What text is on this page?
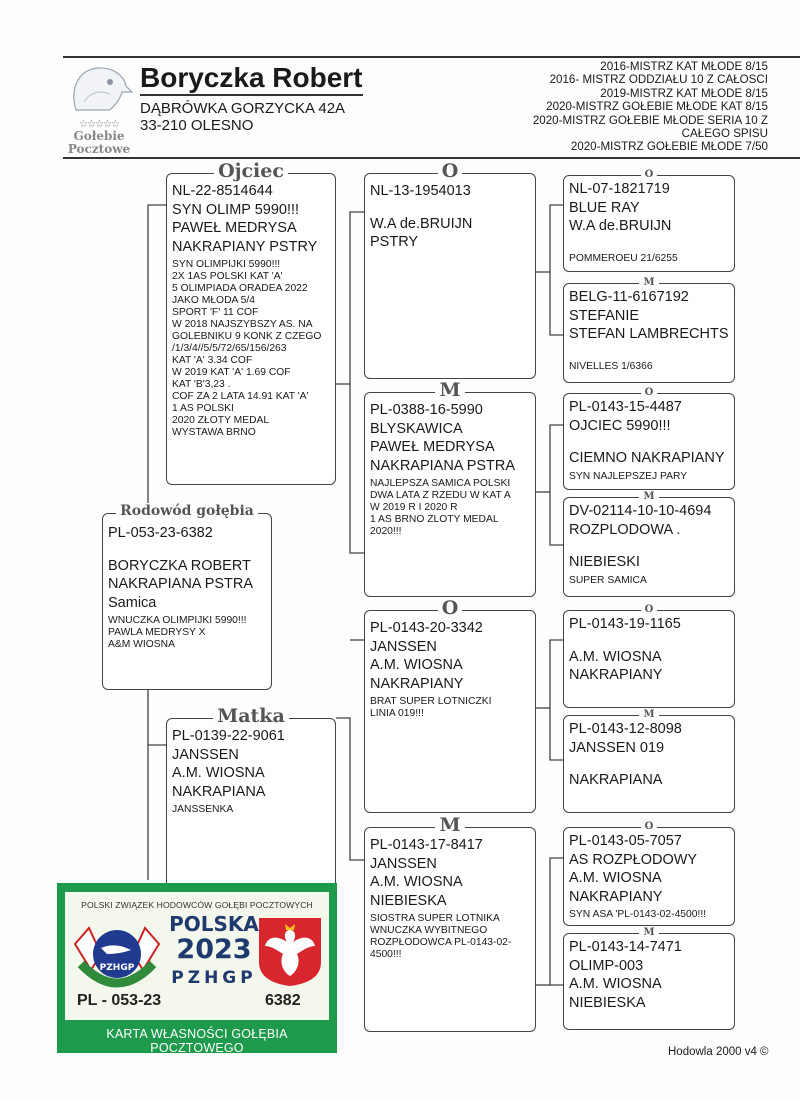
☆☆☆☆☆
Gołebie
Pocztowe
Boryczka Robert
DĄBRÓWKA GORZYCKA 42A
33-210 OLESNO
2016-MISTRZ KAT MŁODE 8/15
2016- MISTRZ ODDZIAŁU 10 Z CAŁOSCI
2019-MISTRZ KAT MŁODE 8/15
2020-MISTRZ GOŁEBIE MŁODE KAT 8/15
2020-MISTRZ GOŁEBIE MŁODE SERIA 10 Z
CAŁEGO SPISU
2020-MISTRZ GOŁEBIE MŁODE 7/50
Ojciec
NL-22-8514644
SYN OLIMP 5990!!!
PAWEŁ MEDRYSA
NAKRAPIANY PSTRY
SYN OLIMPIJKI 5990!!!
2X 1AS POLSKI KAT 'A'
5 OLIMPIADA ORADEA 2022
JAKO MŁODA 5/4
SPORT 'F' 11 COF
W 2018 NAJSZYBSZY AS. NA GOLEBNIKU 9 KONK Z CZEGO
/1/3/4//5/5/72/65/156/263
KAT 'A' 3.34 COF
W 2019 KAT 'A' 1.69 COF
KAT 'B'3,23 .
COF ZA 2 LATA 14.91 KAT 'A'
1 AS POLSKI
2020 ZŁOTY MEDAL
WYSTAWA BRNO
Rodowód gołębia
PL-053-23-6382
BORYCZKA ROBERT
NAKRAPIANA PSTRA
Samica
WNUCZKA OLIMPIJKI 5990!!!
PAWLA MEDRYSY X
A&M WIOSNA
Matka
PL-0139-22-9061
JANSSEN
A.M. WIOSNA
NAKRAPIANA
JANSSENKA
O
NL-13-1954013
W.A de.BRUIJN
PSTRY
M
PL-0388-16-5990
BLYSKAWICA
PAWEŁ MEDRYSA
NAKRAPIANA PSTRA
NAJLEPSZA SAMICA POLSKI DWA LATA Z RZEDU W KAT A
W 2019 R I 2020 R
1 AS BRNO ZLOTY MEDAL 2020!!!
O
PL-0143-20-3342
JANSSEN
A.M. WIOSNA
NAKRAPIANY
BRAT SUPER LOTNICZKI
LINIA 019!!!
M
PL-0143-17-8417
JANSSEN
A.M. WIOSNA
NIEBIESKA
SIOSTRA SUPER LOTNIKA
WNUCZKA WYBITNEGO ROZPŁODOWCA PL-0143-02-4500!!!
O
NL-07-1821719
BLUE RAY
W.A de.BRUIJN
POMMEROEU 21/6255
M
BELG-11-6167192
STEFANIE
STEFAN LAMBRECHTS
NIVELLES 1/6366
O
PL-0143-15-4487
OJCIEC 5990!!!
CIEMNO NAKRAPIANY
SYN NAJLEPSZEJ PARY
M
DV-02114-10-10-4694
ROZPLODOWA .
NIEBIESKI
SUPER SAMICA
O
PL-0143-19-1165
A.M. WIOSNA
NAKRAPIANY
M
PL-0143-12-8098
JANSSEN 019
NAKRAPIANA
O
PL-0143-05-7057
AS ROZPŁODOWY
A.M. WIOSNA
NAKRAPIANY
SYN ASA 'PL-0143-02-4500!!!
M
PL-0143-14-7471
OLIMP-003
A.M. WIOSNA
NIEBIESKA
POLSKI ZWIĄZEK HODOWCÓW GOŁĘBI POCZTOWYCH
PZHGP
POLSKA
2023
PZHGP
PL - 053-23	6382
KARTA WŁASNOŚCI GOŁĘBIA POCZTOWEGO	Hodowla 2000 v4 ©
